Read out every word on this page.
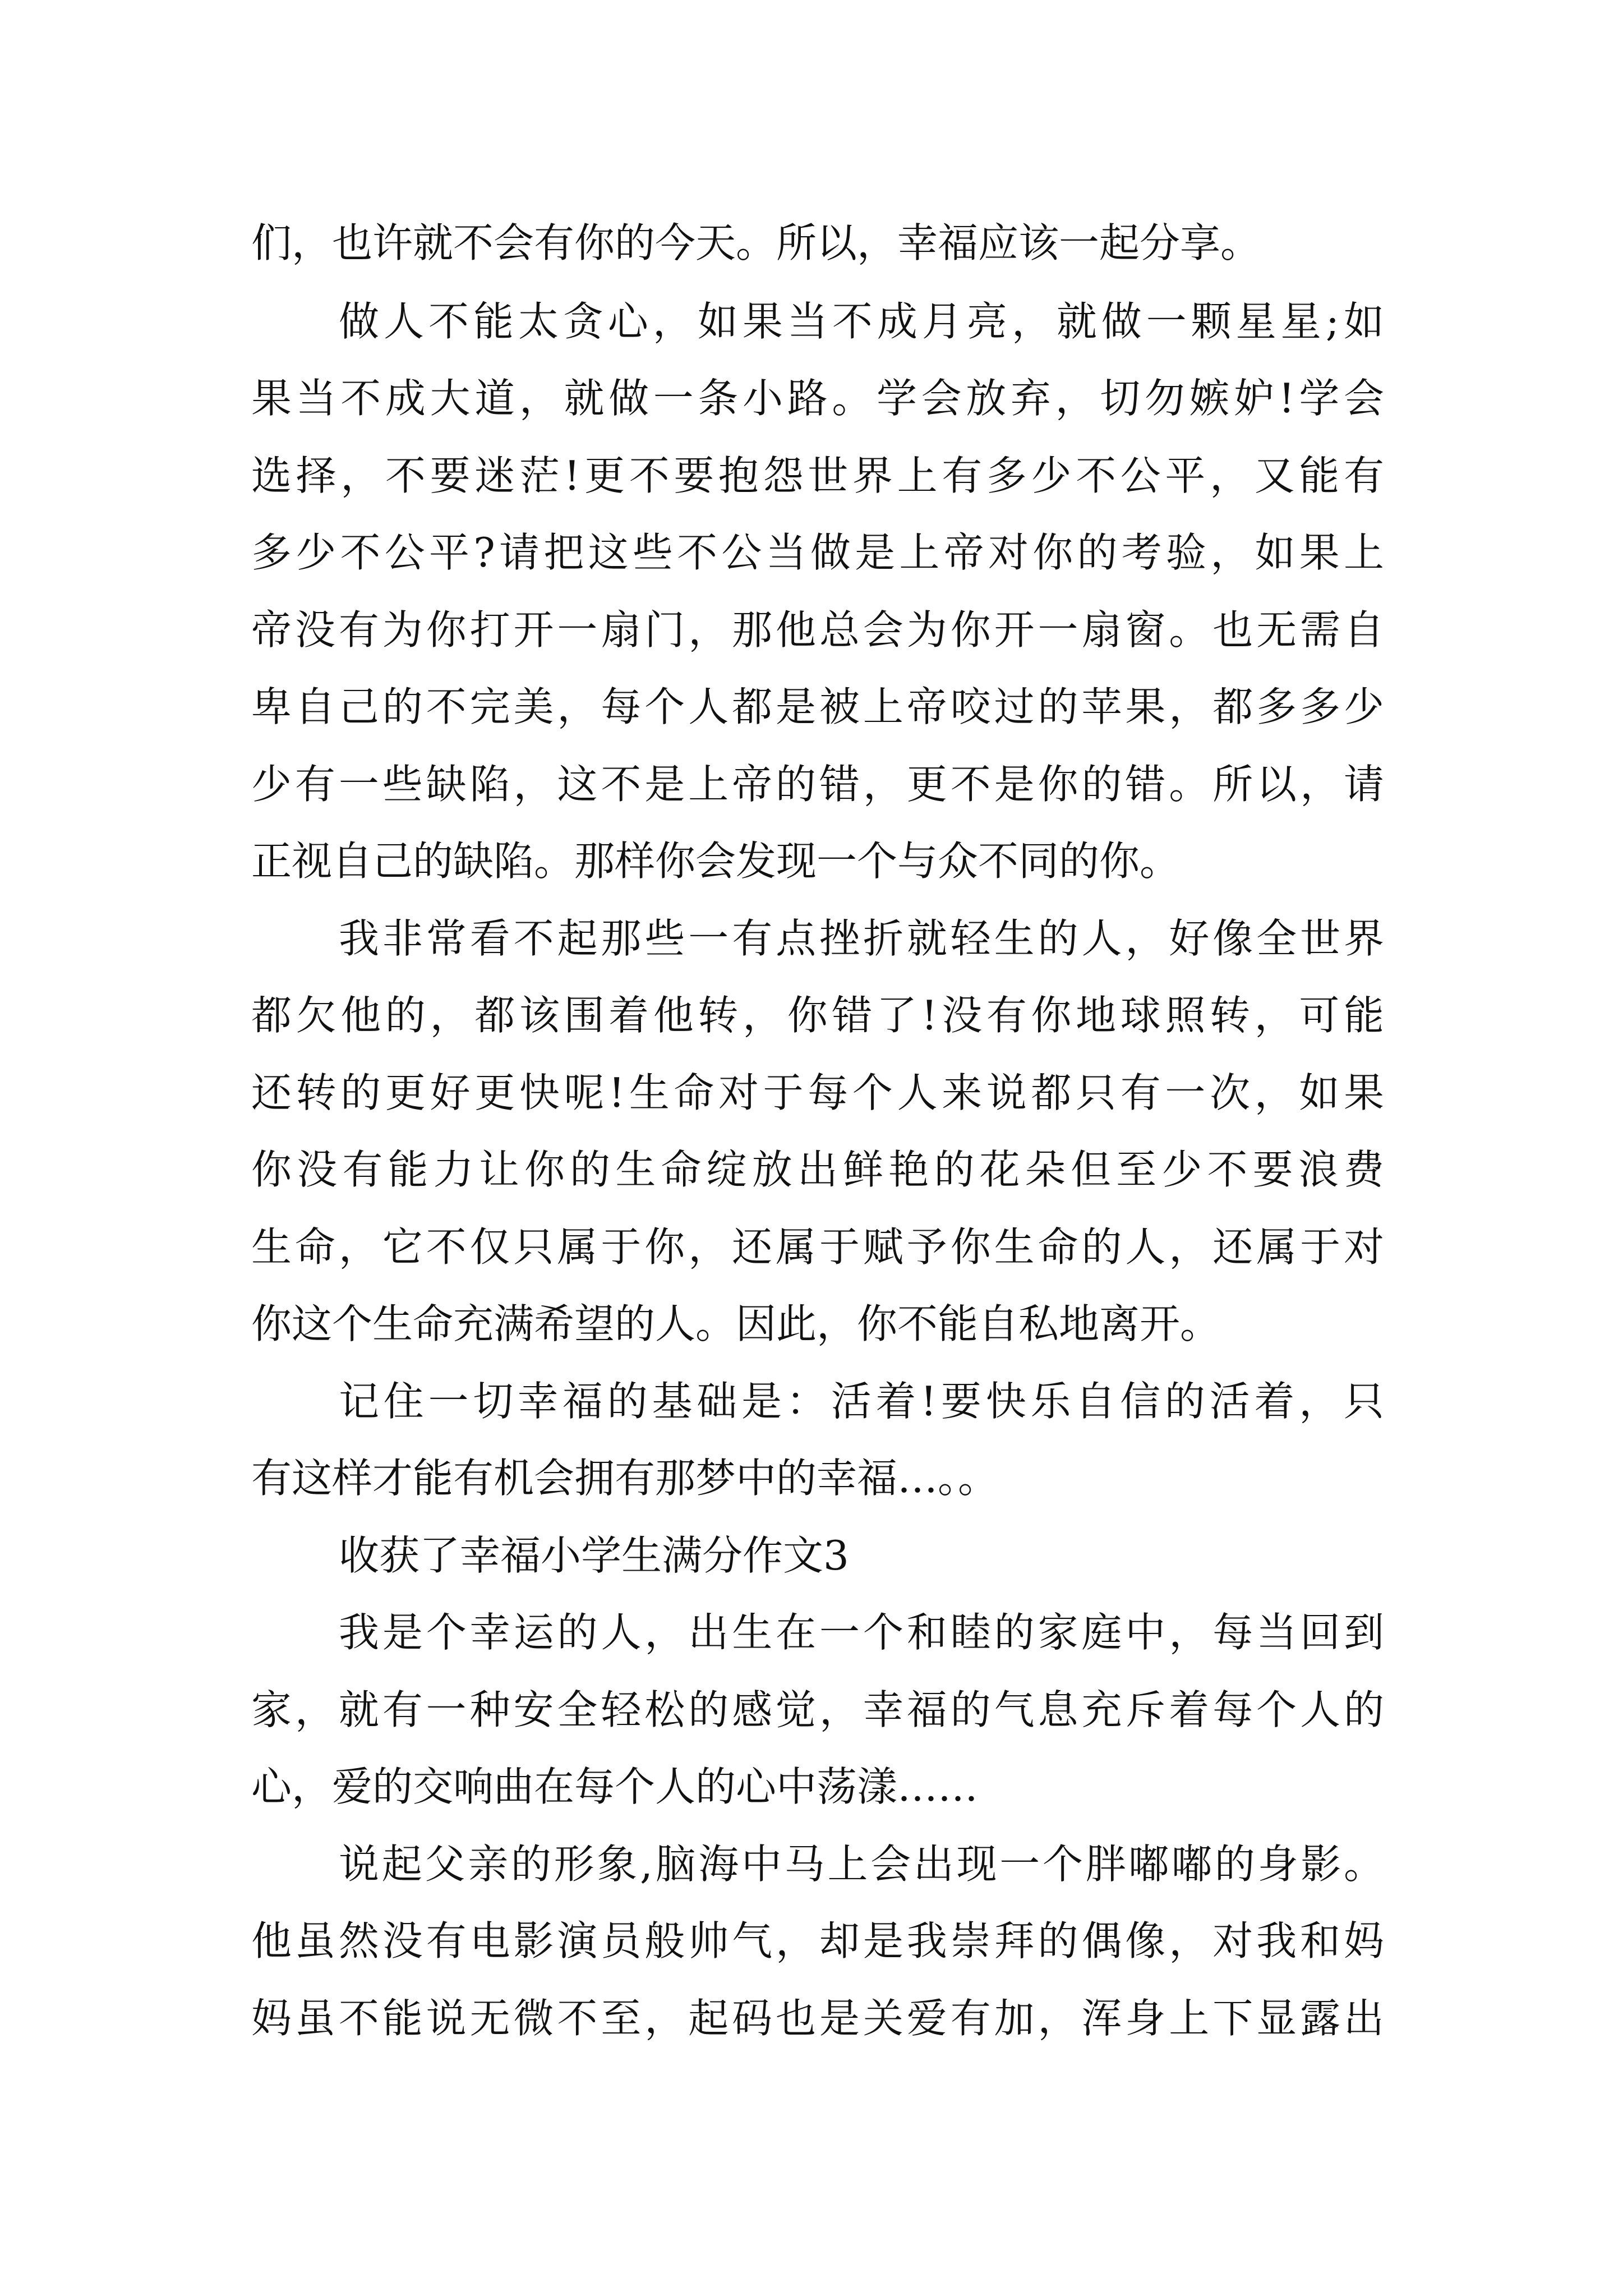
们，也许就不会有你的今天。所以，幸福应该一起分享。
做人不能太贪心，如果当不成月亮，就做一颗星星;如
果当不成大道，就做一条小路。学会放弃，切勿嫉妒!学会
选择，不要迷茫!更不要抱怨世界上有多少不公平，又能有
多少不公平?请把这些不公当做是上帝对你的考验，如果上
帝没有为你打开一扇门，那他总会为你开一扇窗。也无需自
卑自己的不完美，每个人都是被上帝咬过的苹果，都多多少
少有一些缺陷，这不是上帝的错，更不是你的错。所以，请
正视自己的缺陷。那样你会发现一个与众不同的你。
我非常看不起那些一有点挫折就轻生的人，好像全世界
都欠他的，都该围着他转，你错了!没有你地球照转，可能
还转的更好更快呢!生命对于每个人来说都只有一次，如果
你没有能力让你的生命绽放出鲜艳的花朵但至少不要浪费
生命，它不仅只属于你，还属于赋予你生命的人，还属于对
你这个生命充满希望的人。因此，你不能自私地离开。
记住一切幸福的基础是：活着!要快乐自信的活着，只
有这样才能有机会拥有那梦中的幸福…。。
收获了幸福小学生满分作文3
我是个幸运的人，出生在一个和睦的家庭中，每当回到
家，就有一种安全轻松的感觉，幸福的气息充斥着每个人的
心，爱的交响曲在每个人的心中荡漾……
说起父亲的形象,脑海中马上会出现一个胖嘟嘟的身影。
他虽然没有电影演员般帅气，却是我崇拜的偶像，对我和妈
妈虽不能说无微不至，起码也是关爱有加，浑身上下显露出
